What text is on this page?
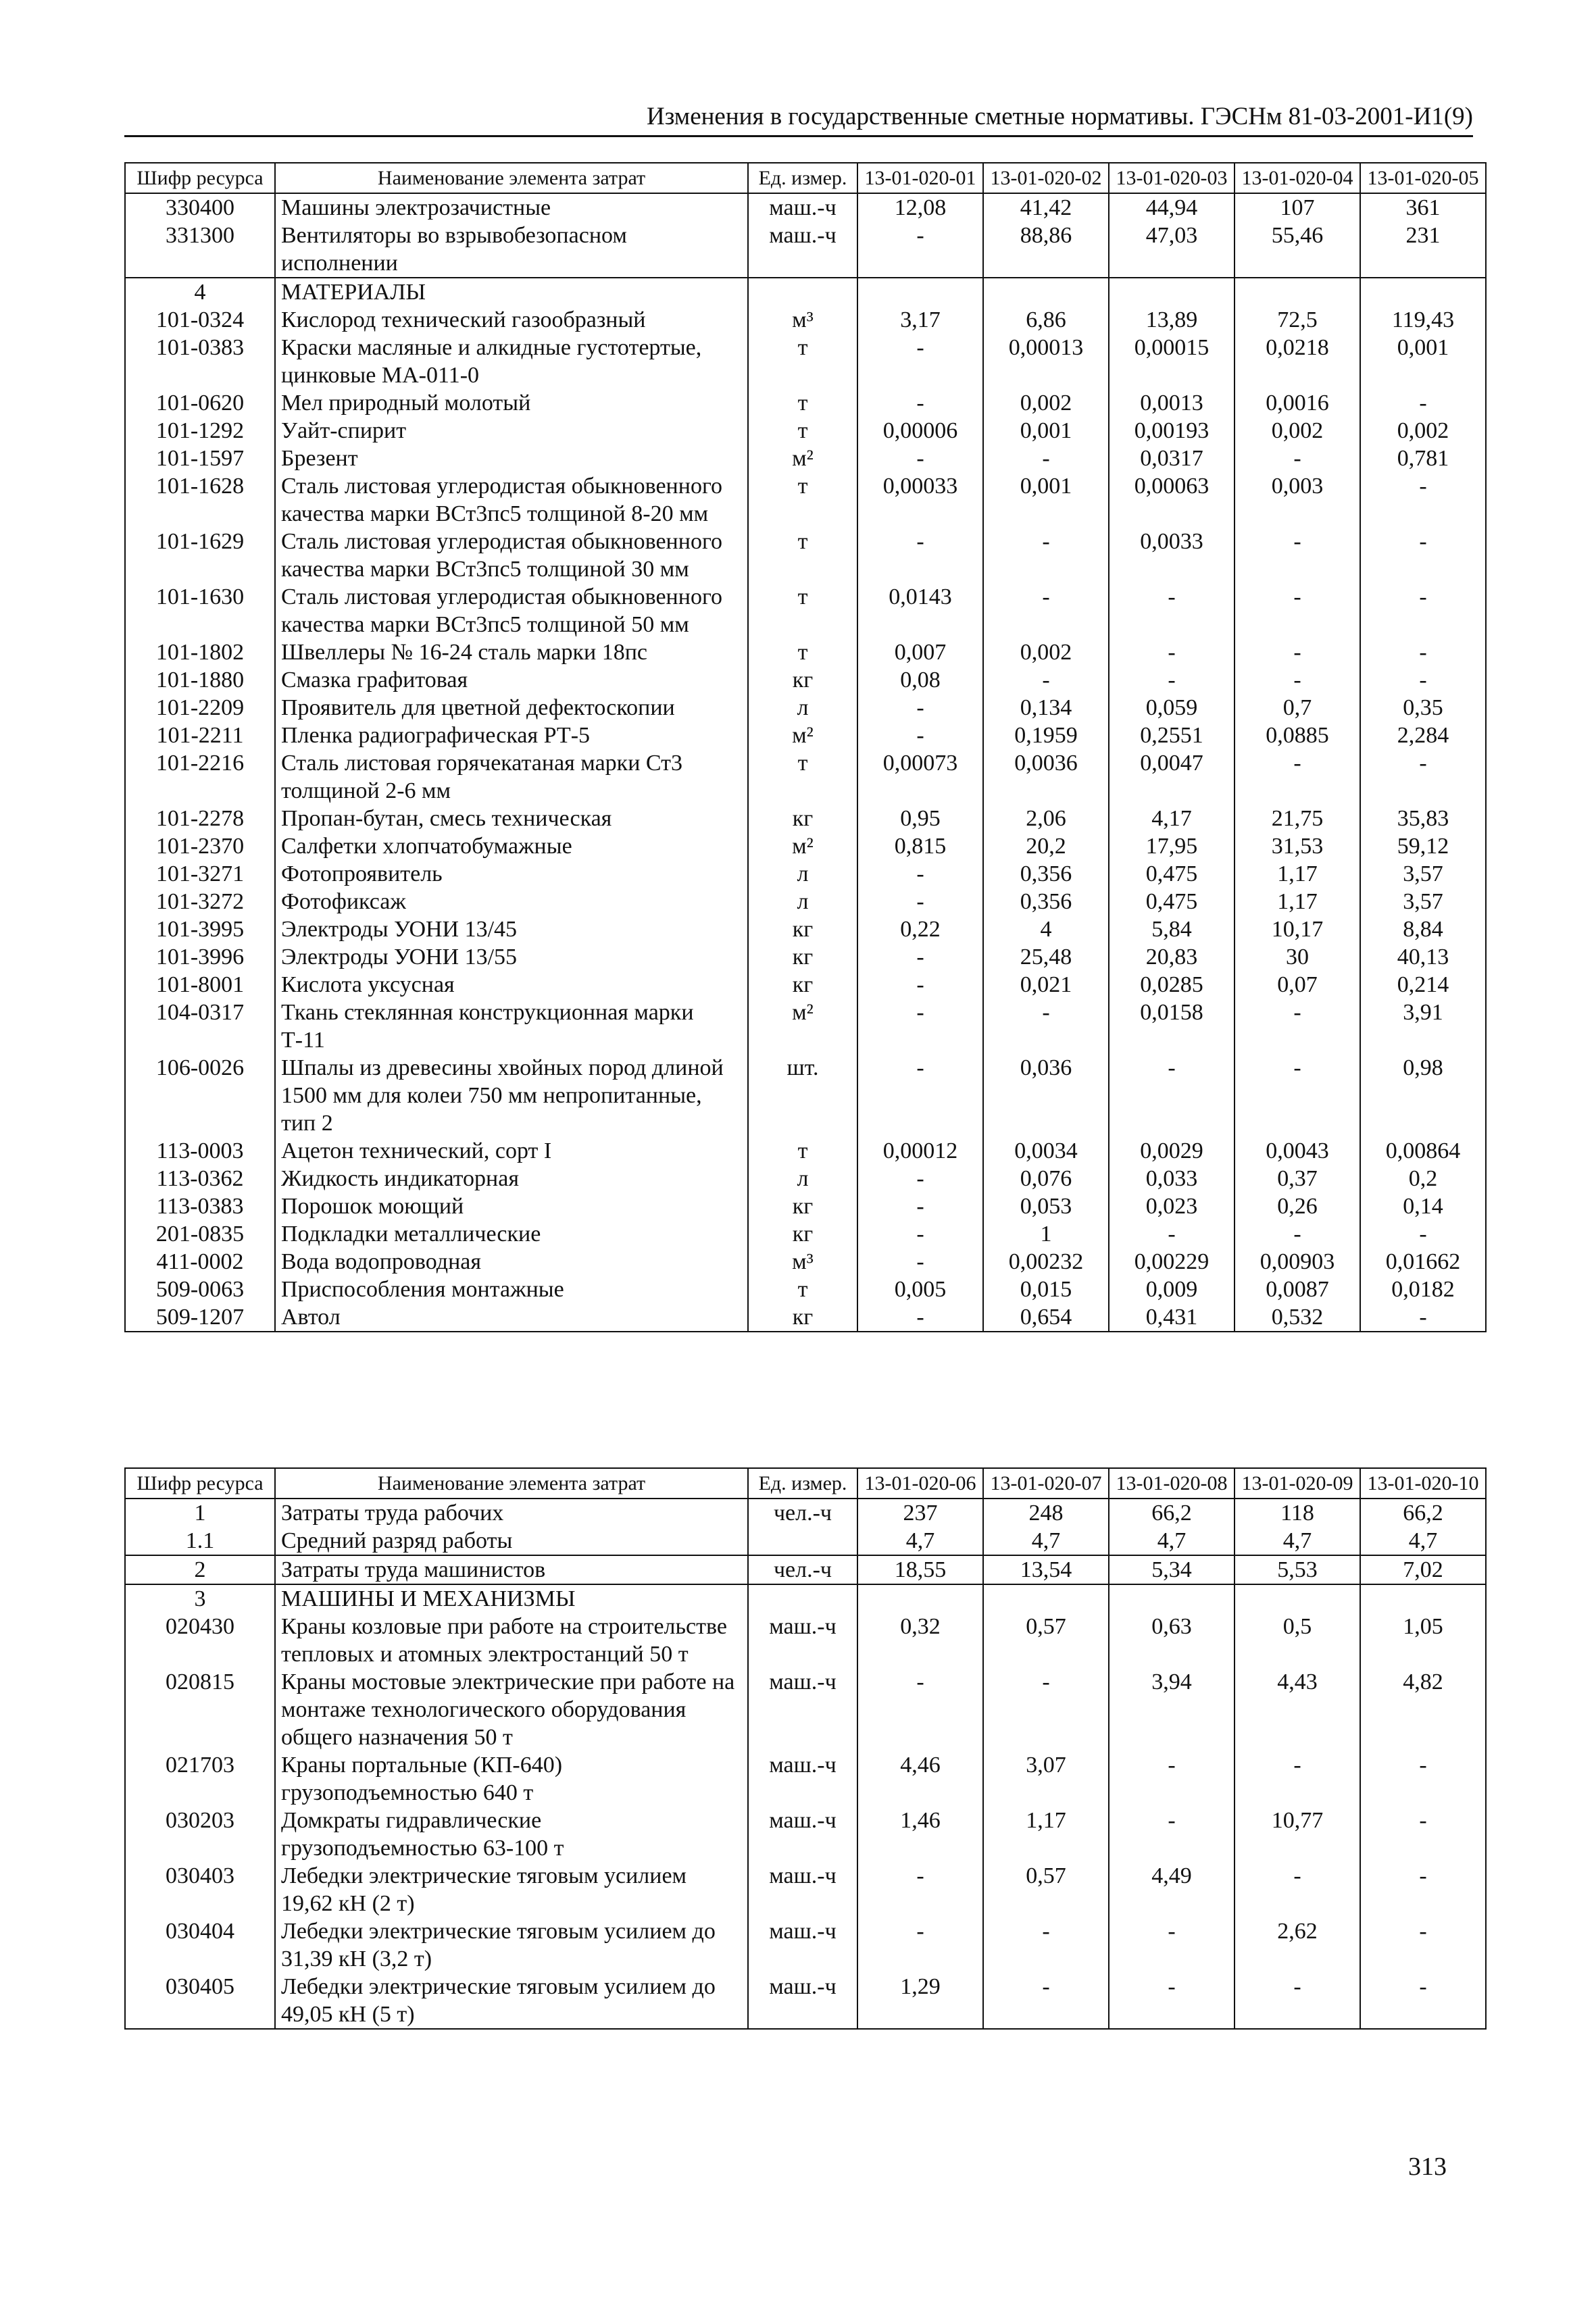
Изменения в государственные сметные нормативы. ГЭСНм 81-03-2001-И1(9)
Шифр ресурса	Наименование элемента затрат	Ед. измер.	13-01-020-01	13-01-020-02	13-01-020-03	13-01-020-04	13-01-020-05
330400	Машины электрозачистные	маш.-ч	12,08	41,42	44,94	107	361
331300	Вентиляторы во взрывобезопасном исполнении	маш.-ч	-	88,86	47,03	55,46	231
4	МАТЕРИАЛЫ						
101-0324	Кислород технический газообразный	м³	3,17	6,86	13,89	72,5	119,43
101-0383	Краски масляные и алкидные густотертые, цинковые МА-011-0	т	-	0,00013	0,00015	0,0218	0,001
101-0620	Мел природный молотый	т	-	0,002	0,0013	0,0016	-
101-1292	Уайт-спирит	т	0,00006	0,001	0,00193	0,002	0,002
101-1597	Брезент	м²	-	-	0,0317	-	0,781
101-1628	Сталь листовая углеродистая обыкновенного качества марки ВСт3пс5 толщиной 8-20 мм	т	0,00033	0,001	0,00063	0,003	-
101-1629	Сталь листовая углеродистая обыкновенного качества марки ВСт3пс5 толщиной 30 мм	т	-	-	0,0033	-	-
101-1630	Сталь листовая углеродистая обыкновенного качества марки ВСт3пс5 толщиной 50 мм	т	0,0143	-	-	-	-
101-1802	Швеллеры № 16-24 сталь марки 18пс	т	0,007	0,002	-	-	-
101-1880	Смазка графитовая	кг	0,08	-	-	-	-
101-2209	Проявитель для цветной дефектоскопии	л	-	0,134	0,059	0,7	0,35
101-2211	Пленка радиографическая РТ-5	м²	-	0,1959	0,2551	0,0885	2,284
101-2216	Сталь листовая горячекатаная марки Ст3 толщиной 2-6 мм	т	0,00073	0,0036	0,0047	-	-
101-2278	Пропан-бутан, смесь техническая	кг	0,95	2,06	4,17	21,75	35,83
101-2370	Салфетки хлопчатобумажные	м²	0,815	20,2	17,95	31,53	59,12
101-3271	Фотопроявитель	л	-	0,356	0,475	1,17	3,57
101-3272	Фотофиксаж	л	-	0,356	0,475	1,17	3,57
101-3995	Электроды УОНИ 13/45	кг	0,22	4	5,84	10,17	8,84
101-3996	Электроды УОНИ 13/55	кг	-	25,48	20,83	30	40,13
101-8001	Кислота уксусная	кг	-	0,021	0,0285	0,07	0,214
104-0317	Ткань стеклянная конструкционная марки Т-11	м²	-	-	0,0158	-	3,91
106-0026	Шпалы из древесины хвойных пород длиной 1500 мм для колеи 750 мм непропитанные, тип 2	шт.	-	0,036	-	-	0,98
113-0003	Ацетон технический, сорт I	т	0,00012	0,0034	0,0029	0,0043	0,00864
113-0362	Жидкость индикаторная	л	-	0,076	0,033	0,37	0,2
113-0383	Порошок моющий	кг	-	0,053	0,023	0,26	0,14
201-0835	Подкладки металлические	кг	-	1	-	-	-
411-0002	Вода водопроводная	м³	-	0,00232	0,00229	0,00903	0,01662
509-0063	Приспособления монтажные	т	0,005	0,015	0,009	0,0087	0,0182
509-1207	Автол	кг	-	0,654	0,431	0,532	-
Шифр ресурса	Наименование элемента затрат	Ед. измер.	13-01-020-06	13-01-020-07	13-01-020-08	13-01-020-09	13-01-020-10
1	Затраты труда рабочих	чел.-ч	237	248	66,2	118	66,2
1.1	Средний разряд работы		4,7	4,7	4,7	4,7	4,7
2	Затраты труда машинистов	чел.-ч	18,55	13,54	5,34	5,53	7,02
3	МАШИНЫ И МЕХАНИЗМЫ						
020430	Краны козловые при работе на строительстве тепловых и атомных электростанций 50 т	маш.-ч	0,32	0,57	0,63	0,5	1,05
020815	Краны мостовые электрические при работе на монтаже технологического оборудования общего назначения 50 т	маш.-ч	-	-	3,94	4,43	4,82
021703	Краны портальные (КП-640) грузоподъемностью 640 т	маш.-ч	4,46	3,07	-	-	-
030203	Домкраты гидравлические грузоподъемностью 63-100 т	маш.-ч	1,46	1,17	-	10,77	-
030403	Лебедки электрические тяговым усилием 19,62 кН (2 т)	маш.-ч	-	0,57	4,49	-	-
030404	Лебедки электрические тяговым усилием до 31,39 кН (3,2 т)	маш.-ч	-	-	-	2,62	-
030405	Лебедки электрические тяговым усилием до 49,05 кН (5 т)	маш.-ч	1,29	-	-	-	-
313
